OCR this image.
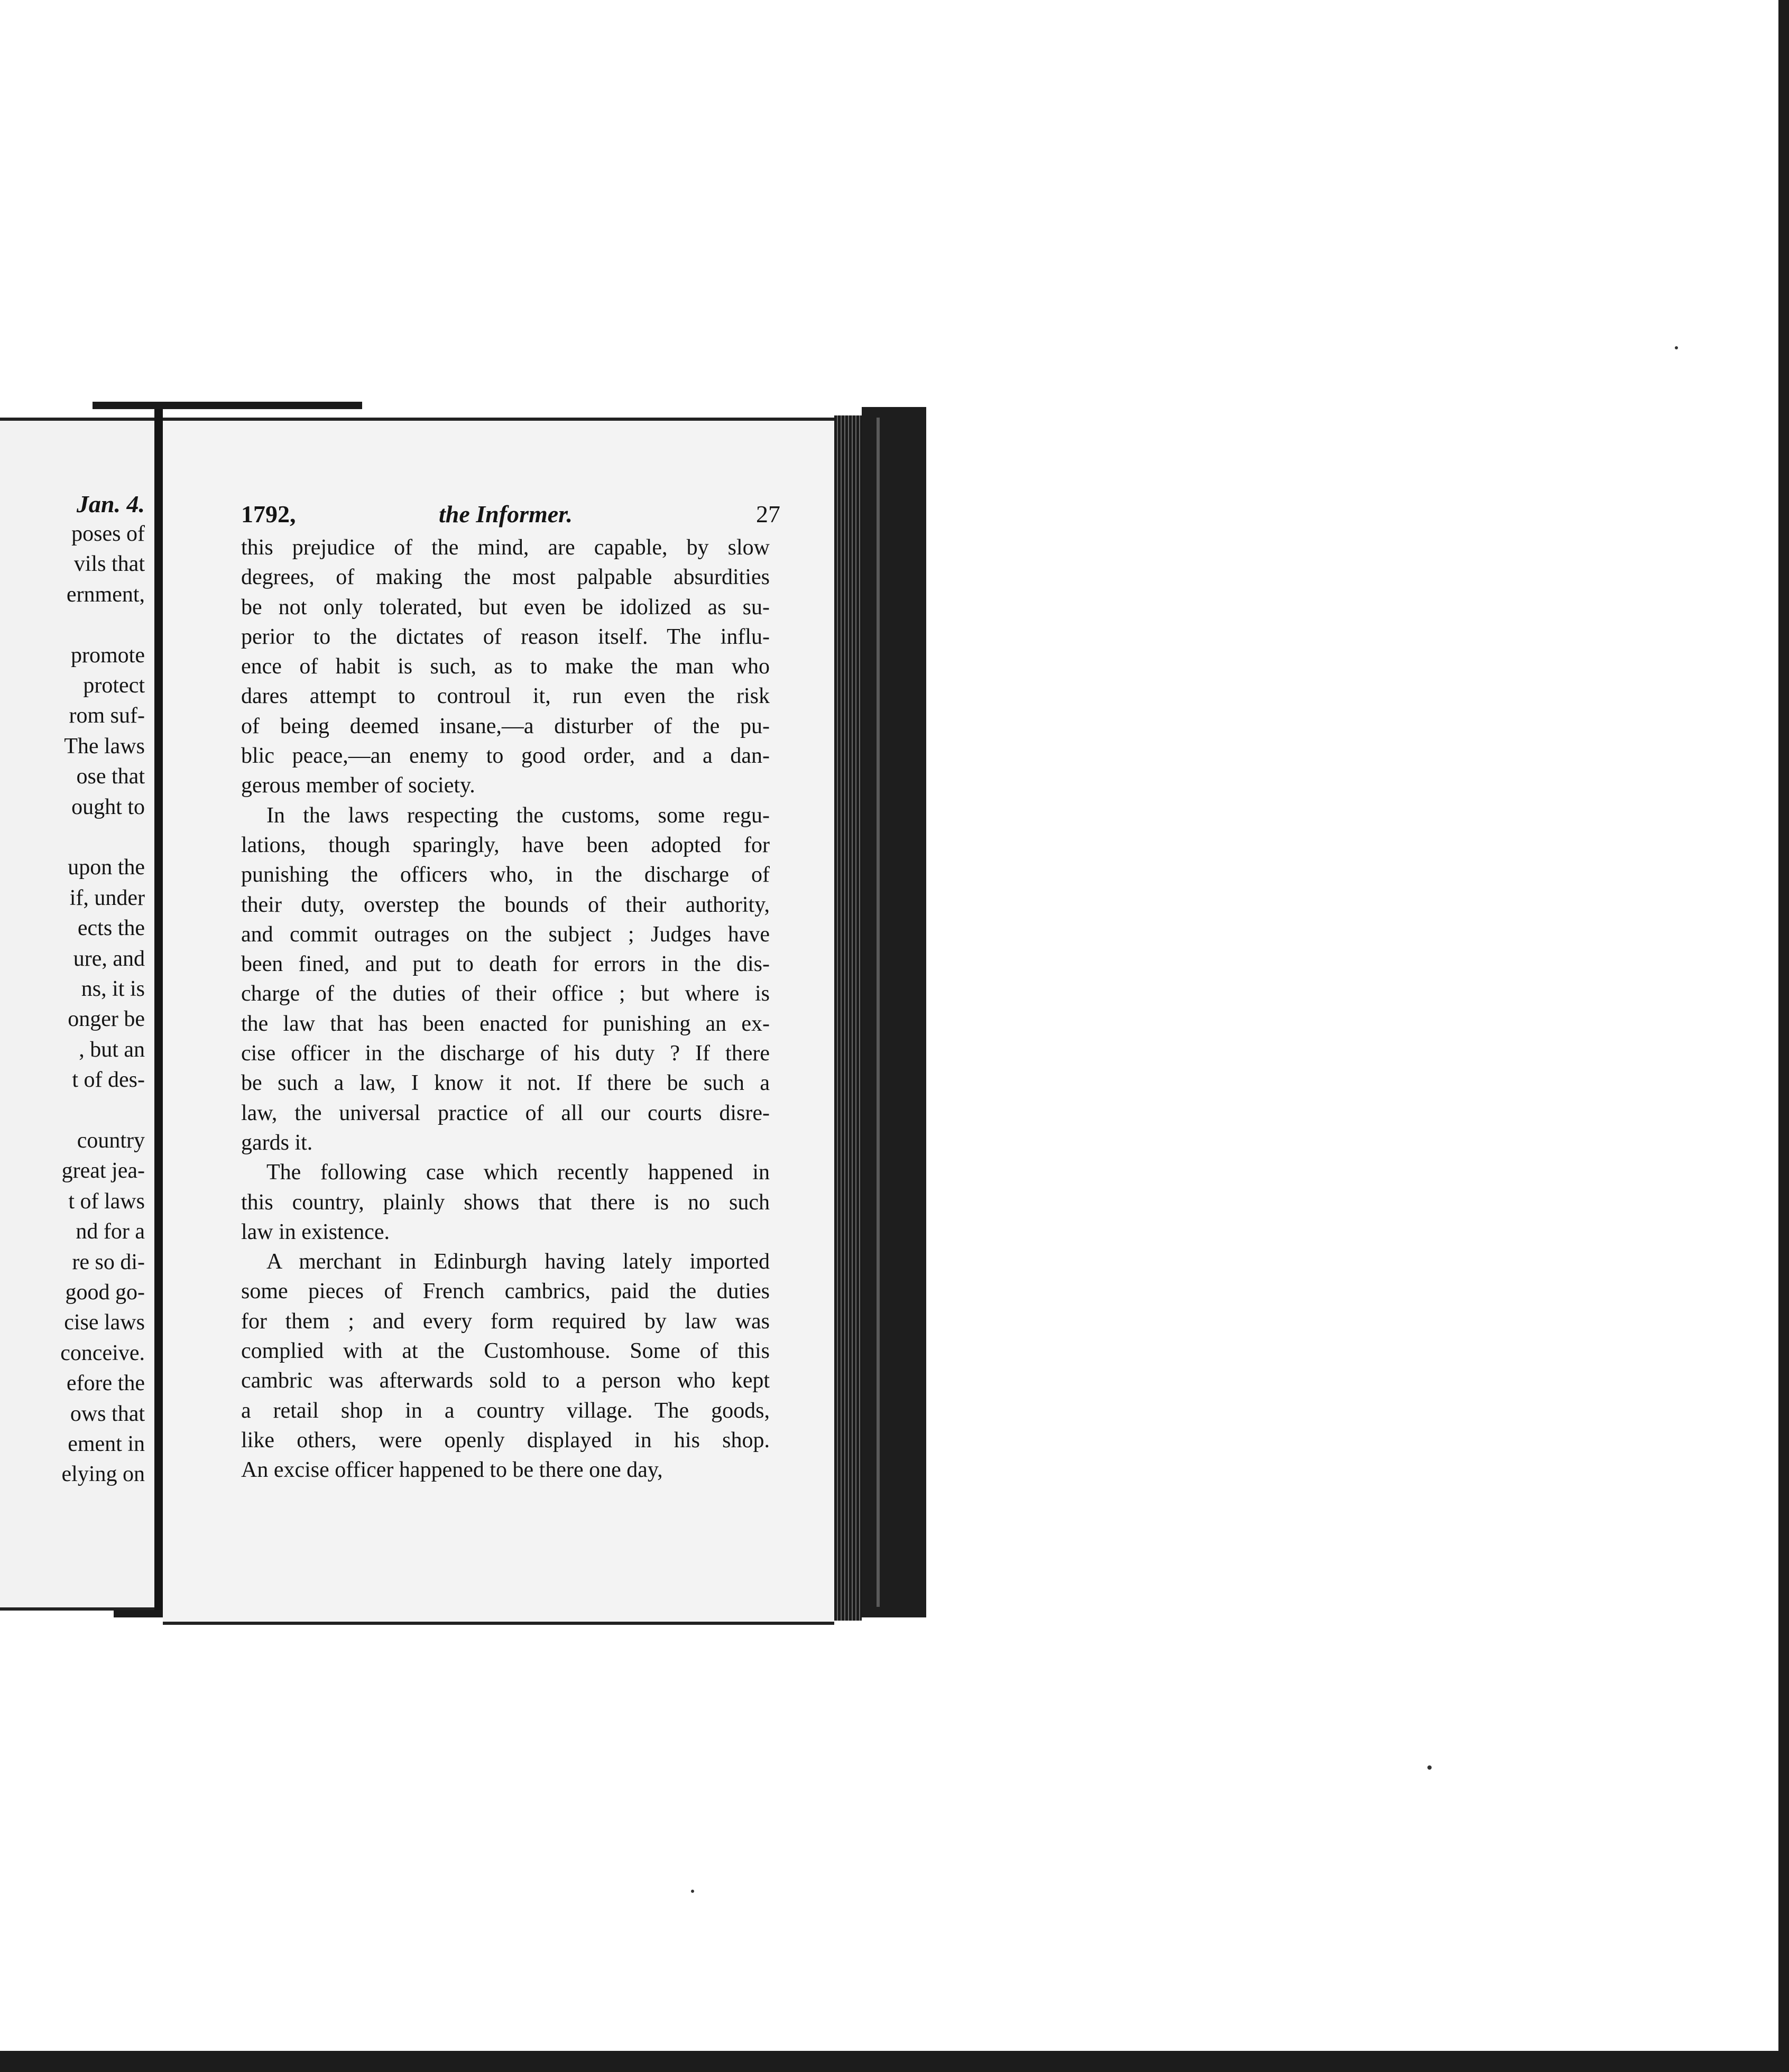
Jan. 4.
poses of
vils that
ernment,
promote
protect
rom suf-
The laws
ose that
ought to
upon the
if, under
ects the
ure, and
ns, it is
onger be
, but an
t of des-
country
great jea-
t of laws
nd for a
re so di-
good go-
cise laws
conceive.
efore the
ows that
ement in
elying on
1792,	the Informer.	27
this prejudice of the mind, are capable, by slow
degrees, of making the most palpable absurdities
be not only tolerated, but even be idolized as su-
perior to the dictates of reason itself. The influ-
ence of habit is such, as to make the man who
dares attempt to controul it, run even the risk
of being deemed insane,—a disturber of the pu-
blic peace,—an enemy to good order, and a dan-
gerous member of society.
In the laws respecting the customs, some regu-
lations, though sparingly, have been adopted for
punishing the officers who, in the discharge of
their duty, overstep the bounds of their authority,
and commit outrages on the subject ; Judges have
been fined, and put to death for errors in the dis-
charge of the duties of their office ; but where is
the law that has been enacted for punishing an ex-
cise officer in the discharge of his duty ? If there
be such a law, I know it not. If there be such a
law, the universal practice of all our courts disre-
gards it.
The following case which recently happened in
this country, plainly shows that there is no such
law in existence.
A merchant in Edinburgh having lately imported
some pieces of French cambrics, paid the duties
for them ; and every form required by law was
complied with at the Customhouse. Some of this
cambric was afterwards sold to a person who kept
a retail shop in a country village. The goods,
like others, were openly displayed in his shop.
An excise officer happened to be there one day,
